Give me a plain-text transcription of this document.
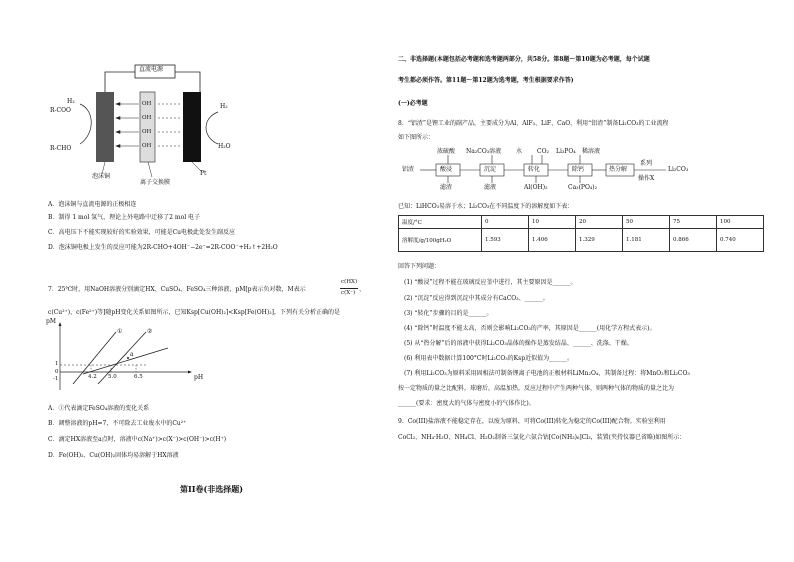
直流电源
H₂
R-COO
R-CHO
OH
OH
OH
OH
泡沫铜
离子交换膜
H₂
H₂O
Pt
A．泡沫铜与直流电源的正极相连
B．制得 1 mol 氢气，理论上外电路中迁移了2 mol 电子
C．高电压下不能实现较好的实验效果，可能是Cu电极此处发生副反应
D．泡沫铜电极上发生的反应可能为2R-CHO+4OH⁻−2e⁻=2R-COO⁻+H₂↑+2H₂O
7．25℃时，用NaOH溶液分别滴定HX、CuSO₄、FeSO₄三种溶液，pM[p表示负对数，M表示
c(HX)
c(X⁻) 、
c(Cu²⁺)、c(Fe²⁺)等]随pH变化关系如图所示，已知Ksp[Cu(OH)₂]<Ksp[Fe(OH)₂]，下列有关分析正确的是
pM
pH
①	②
a
1
0
-1	4.2 5.0	6.5
A．①代表滴定FeSO₄溶液的变化关系
B．调整溶液的pH=7，不可除去工业废水中的Cu²⁺
C．滴定HX溶液至a点时，溶液中c(Na⁺)>c(X⁻)>c(OH⁻)>c(H⁺)
D．Fe(OH)₂、Cu(OH)₂固体均易溶解于HX溶液
第II卷(非选择题)
二、非选择题(本题包括必考题和选考题两部分，共58分。第8题～第10题为必考题，每个试题
考生都必须作答。第11题～第12题为选考题，考生根据要求作答)
(一)必考题
8．“铝渣”是锂工业的副产品，主要成分为Al、AlF₃、LiF、CaO，利用“铝渣”制备Li₂CO₃的工业流程
如下图所示：
铝渣
浓硫酸 Na₂CO₃溶液 水 CO₂ Li₃PO₄ 稀溶液
酸浸	沉淀	转化	除钙	热分解
滤渣	滤液	Al(OH)₃	Ca₃(PO₄)₂
系列
操作X
Li₂CO₃
已知：LiHCO₃易溶于水；Li₂CO₃在不同温度下的溶解度如下表：
温度/°C	0	10	20	50	75	100
溶解度/g/100gH₂O	1.593	1.406	1.329	1.181	0.866	0.740
回答下列问题：
(1) “酸浸”过程不能在玻璃反应釜中进行，其主要原因是______。
(2) “沉淀”反应得到沉淀中其成分有CaCO₃、______。
(3) “转化”步骤的目的是______。
(4) “除钙”时温度不能太高，否则会影响Li₂CO₃的产率，其原因是______(用化学方程式表示)。
(5) 从“热分解”后的溶液中获得Li₂CO₃晶体的操作是蒸发结晶、______、洗涤、干燥。
(6) 利用表中数据计算100°C时Li₂CO₃的Ksp近似值为______。
(7) 利用Li₂CO₃为原料采用固相法可制备锂离子电池的正极材料LiMn₂O₄，其制备过程：将MnO₂和Li₂CO₃
按一定物质的量之比配料，球磨后，高温加热，反应过程中产生两种气体，则两种气体的物质的量之比为
______(要求：密度大的气体与密度小的气体作比)。
9．Co(III)盐溶液不能稳定存在，以废为原料，可将Co(III)转化为稳定的Co(III)配合物。实验室利用
CoCl₂、NH₄·H₂O、NH₄Cl、H₂O₂制备三氯化六氨合钴[Co(NH₃)₆]Cl₃，装置(夹持仪器已省略)如图所示：
